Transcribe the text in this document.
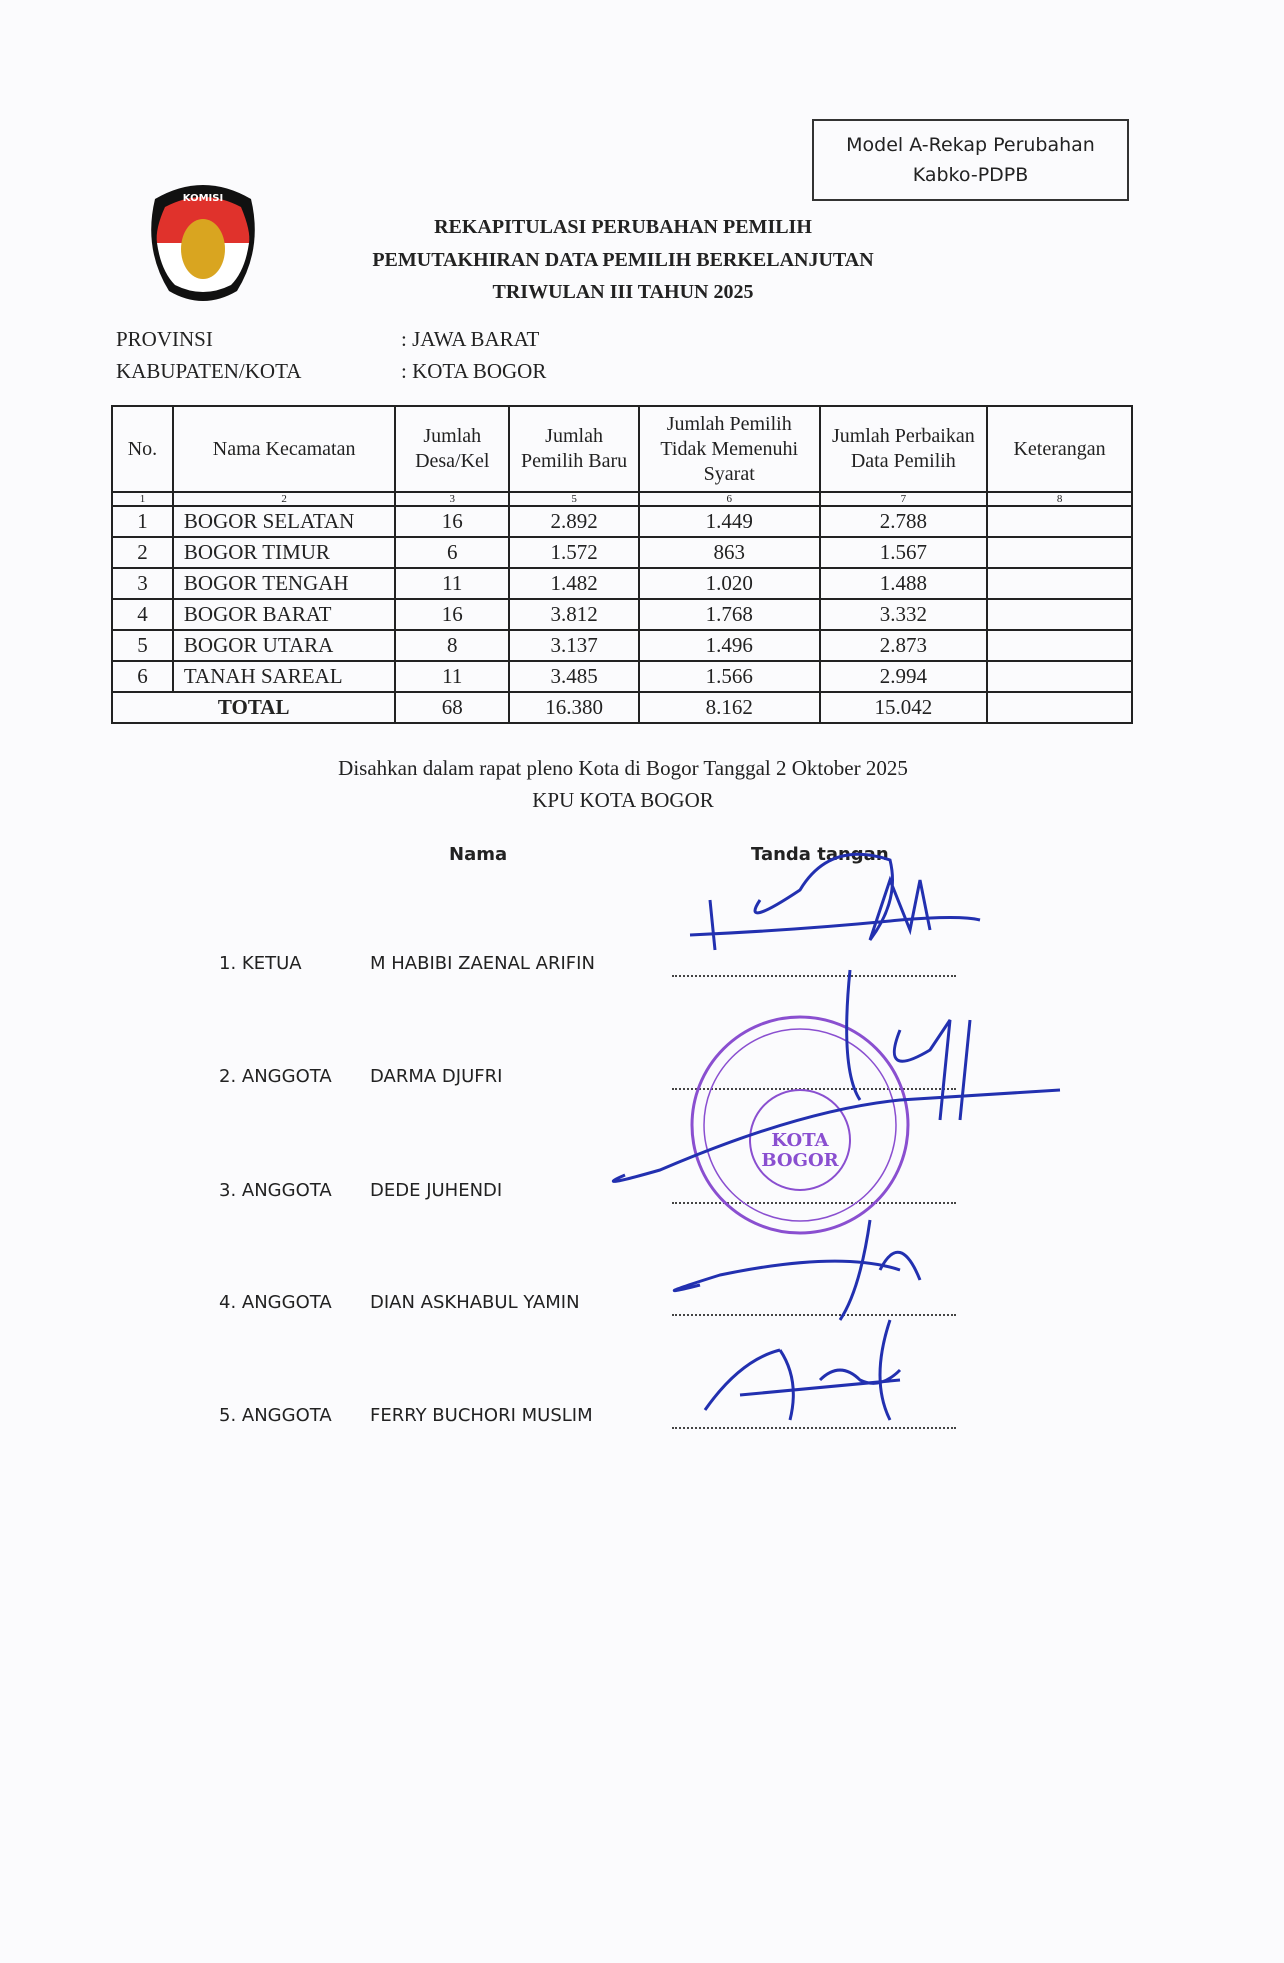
Model A-Rekap Perubahan
Kabko-PDPB
KOMISI
REKAPITULASI PERUBAHAN PEMILIH
PEMUTAKHIRAN DATA PEMILIH BERKELANJUTAN
TRIWULAN III TAHUN 2025
PROVINSI	: JAWA BARAT
KABUPATEN/KOTA	: KOTA BOGOR
No.	Nama Kecamatan	Jumlah Desa/Kel	Jumlah Pemilih Baru	Jumlah Pemilih Tidak Memenuhi Syarat	Jumlah Perbaikan Data Pemilih	Keterangan
1	2	3	5	6	7	8
1	BOGOR SELATAN	16	2.892	1.449	2.788	
2	BOGOR TIMUR	6	1.572	863	1.567	
3	BOGOR TENGAH	11	1.482	1.020	1.488	
4	BOGOR BARAT	16	3.812	1.768	3.332	
5	BOGOR UTARA	8	3.137	1.496	2.873	
6	TANAH SAREAL	11	3.485	1.566	2.994	
TOTAL		68	16.380	8.162	15.042	
Disahkan dalam rapat pleno Kota di Bogor Tanggal 2 Oktober 2025
KPU KOTA BOGOR
Nama	Tanda tangan
1. KETUA	M HABIBI ZAENAL ARIFIN
2. ANGGOTA DARMA DJUFRI
3. ANGGOTA DEDE JUHENDI
4. ANGGOTA DIAN ASKHABUL YAMIN
5. ANGGOTA FERRY BUCHORI MUSLIM
KOTA
BOGOR
